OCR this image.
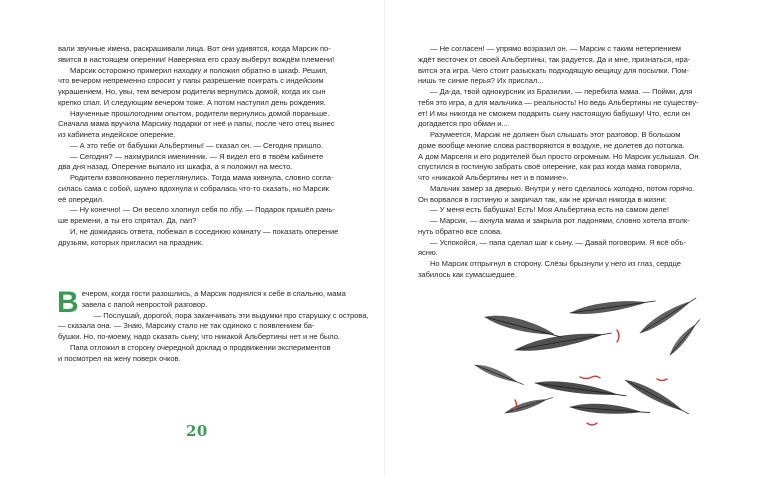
вали звучные имена, раскрашивали лица. Вот они удивятся, когда Марсик по-

явится в настоящем оперении! Наверняка его сразу выберут вождём племени!

Марсик осторожно примерил находку и положил обратно в шкаф. Решил,

что вечером непременно спросит у папы разрешение поиграть с индейским

украшением. Но, увы, тем вечером родители вернулись домой, когда их сын

крепко спал. И следующим вечером тоже. А потом наступил день рождения.

Наученные прошлогодним опытом, родители вернулись домой пораньше.

Сначала мама вручила Марсику подарки от неё и папы, после чего отец вынес

из кабинета индейское оперение.

— А это тебе от бабушки Альбертины! — сказал он. — Сегодня пришло.

— Сегодня? — нахмурился именинник. — Я видел его в твоём кабинете

два дня назад. Оперение выпало из шкафа, а я положил на место.

Родители взволнованно переглянулись. Тогда мама кивнула, словно согла-

силась сама с собой, шумно вдохнула и собралась что-то сказать, но Марсик

её опередил.

— Ну конечно! — Он весело хлопнул себя по лбу. — Подарок пришёл рань-

ше времени, а ты его спрятал. Да, пап?

И, не дожидаясь ответа, побежал в соседнюю комнату — показать оперение

друзьям, которых пригласил на праздник.

Вечером, когда гости разошлись, а Марсик поднялся к себе в спальню, мама завела с папой непростой разговор.

— Послушай, дорогой, пора заканчивать эти выдумки про старушку с острова,

— сказала она. — Знаю, Марсику стало не так одиноко с появлением ба-

бушки. Но, по-моему, надо сказать сыну, что никакой Альбертины нет и не было.

Папа отложил в сторону очередной доклад о продвижении экспериментов

и посмотрел на жену поверх очков.

20

— Не согласен! — упрямо возразил он. — Марсик с таким нетерпением

ждёт весточек от своей Альбертины, так радуется. Да и мне, признаться, нра-

вится эта игра. Чего стоит разыскать подходящую вещицу для посылки. Пом-

нишь те синие перья? Их прислал...

— Да-да, твой однокурсник из Бразилии, — перебила мама. — Пойми, для

тебя это игра, а для мальчика — реальность! Но ведь Альбертины не существу-

ет! И мы никогда не сможем подарить сыну настоящую бабушку! Что, если он

догадается про обман и...

Разумеется, Марсик не должен был слышать этот разговор. В большом

доме вообще многие слова растворяются в воздухе, не долетев до потолка.

А дом Марселя и его родителей был просто огромным. Но Марсик услышал. Он

спустился в гостиную забрать своё оперение, как раз когда мама говорила,

что «никакой Альбертины нет и в помине».

Мальчик замер за дверью. Внутри у него сделалось холодно, потом горячо.

Он ворвался в гостиную и закричал так, как не кричал никогда в жизни:

— У меня есть бабушка! Есть! Моя Альбертина есть на самом деле!

— Марсик, — ахнула мама и закрыла рот ладонями, словно хотела втолк-

нуть обратно все слова.

— Успокойся, — папа сделал шаг к сыну. — Давай поговорим. Я всё объ-

ясню.

Но Марсик отпрыгнул в сторону. Слёзы брызнули у него из глаз, сердце

забилось как сумасшедшее.
